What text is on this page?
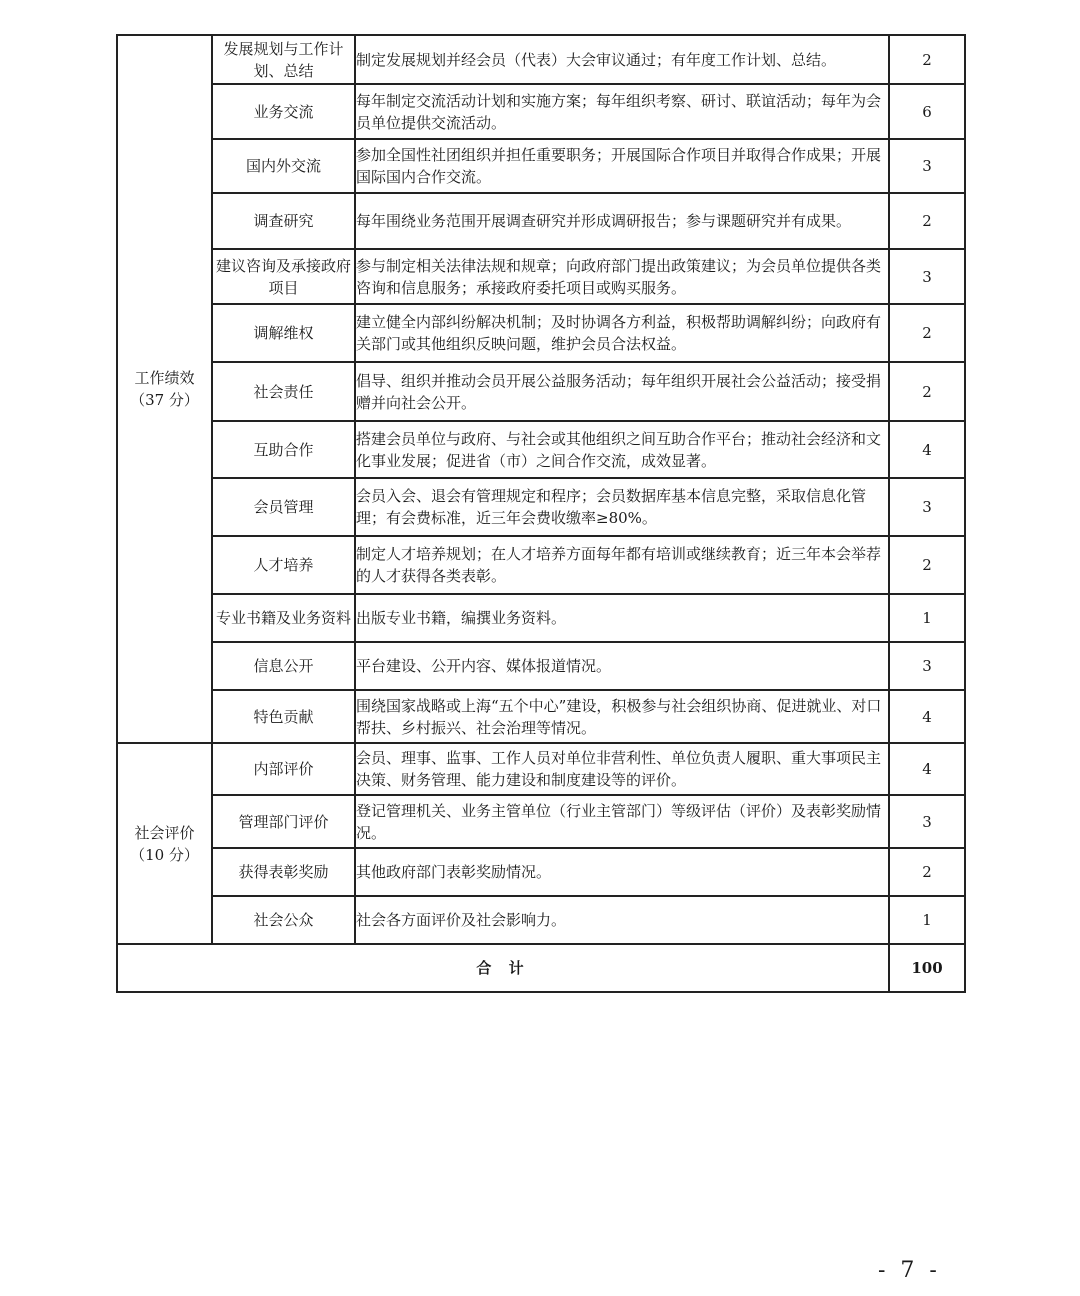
工作绩效
（37 分）	发展规划与工作计划、总结	制定发展规划并经会员（代表）大会审议通过；有年度工作计划、总结。	2
	业务交流	每年制定交流活动计划和实施方案；每年组织考察、研讨、联谊活动；每年为会员单位提供交流活动。	6
	国内外交流	参加全国性社团组织并担任重要职务；开展国际合作项目并取得合作成果；开展国际国内合作交流。	3
	调查研究	每年围绕业务范围开展调查研究并形成调研报告；参与课题研究并有成果。	2
	建议咨询及承接政府项目	参与制定相关法律法规和规章；向政府部门提出政策建议；为会员单位提供各类咨询和信息服务；承接政府委托项目或购买服务。	3
	调解维权	建立健全内部纠纷解决机制；及时协调各方利益，积极帮助调解纠纷；向政府有关部门或其他组织反映问题，维护会员合法权益。	2
	社会责任	倡导、组织并推动会员开展公益服务活动；每年组织开展社会公益活动；接受捐赠并向社会公开。	2
	互助合作	搭建会员单位与政府、与社会或其他组织之间互助合作平台；推动社会经济和文化事业发展；促进省（市）之间合作交流，成效显著。	4
	会员管理	会员入会、退会有管理规定和程序；会员数据库基本信息完整，采取信息化管理；有会费标准，近三年会费收缴率≥80%。	3
	人才培养	制定人才培养规划；在人才培养方面每年都有培训或继续教育；近三年本会举荐的人才获得各类表彰。	2
	专业书籍及业务资料	出版专业书籍，编撰业务资料。	1
	信息公开	平台建设、公开内容、媒体报道情况。	3
	特色贡献	围绕国家战略或上海“五个中心”建设，积极参与社会组织协商、促进就业、对口帮扶、乡村振兴、社会治理等情况。	4
社会评价
（10 分）	内部评价	会员、理事、监事、工作人员对单位非营利性、单位负责人履职、重大事项民主决策、财务管理、能力建设和制度建设等的评价。	4
	管理部门评价	登记管理机关、业务主管单位（行业主管部门）等级评估（评价）及表彰奖励情况。	3
	获得表彰奖励	其他政府部门表彰奖励情况。	2
	社会公众	社会各方面评价及社会影响力。	1
合 计			100
- 7 -
